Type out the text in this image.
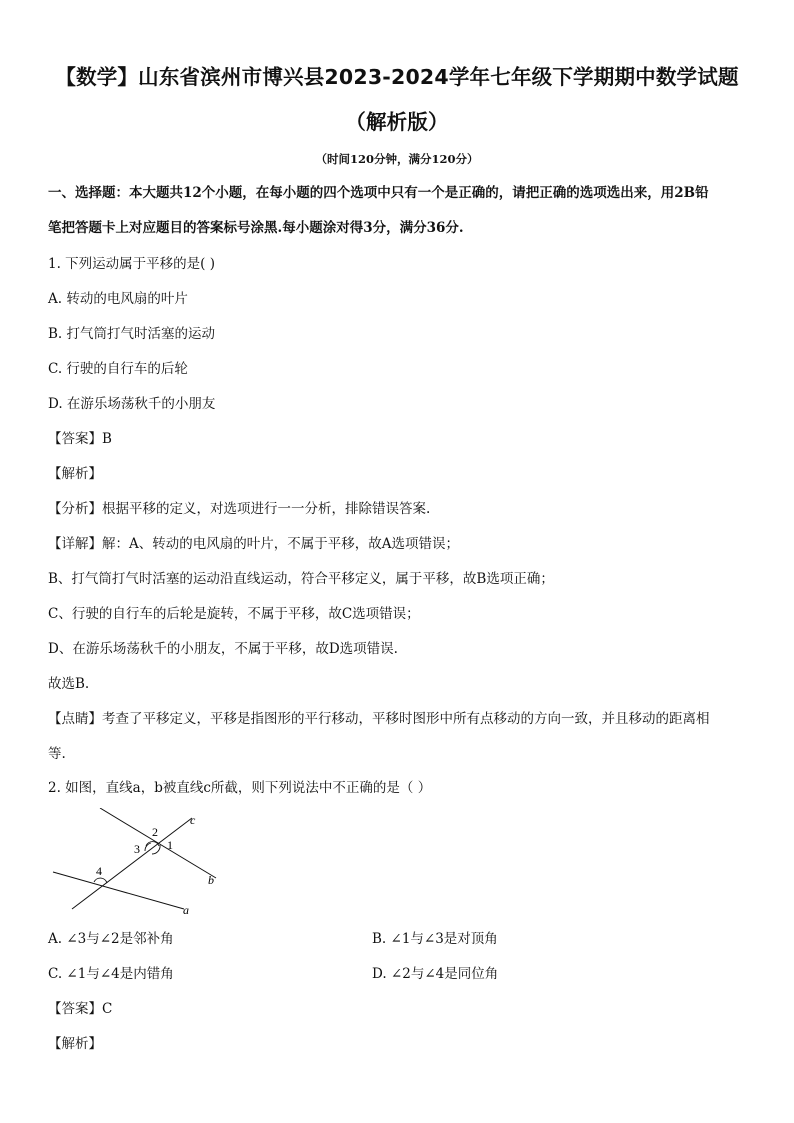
【数学】山东省滨州市博兴县2023-2024学年七年级下学期期中数学试题
（解析版）
（时间120分钟，满分120分）
一、选择题：本大题共12个小题，在每小题的四个选项中只有一个是正确的，请把正确的选项选出来，用2B铅
笔把答题卡上对应题目的答案标号涂黑.每小题涂对得3分，满分36分.
1. 下列运动属于平移的是( )
A. 转动的电风扇的叶片
B. 打气筒打气时活塞的运动
C. 行驶的自行车的后轮
D. 在游乐场荡秋千的小朋友
【答案】B
【解析】
【分析】根据平移的定义，对选项进行一一分析，排除错误答案.
【详解】解：A、转动的电风扇的叶片，不属于平移，故A选项错误；
B、打气筒打气时活塞的运动沿直线运动，符合平移定义，属于平移，故B选项正确；
C、行驶的自行车的后轮是旋转，不属于平移，故C选项错误；
D、在游乐场荡秋千的小朋友，不属于平移，故D选项错误.
故选B.
【点睛】考查了平移定义，平移是指图形的平行移动，平移时图形中所有点移动的方向一致，并且移动的距离相
等.
2. 如图，直线a，b被直线c所截，则下列说法中不正确的是（ ）
c
b
a
2
1
3
4
A. ∠3与∠2是邻补角	B. ∠1与∠3是对顶角
C. ∠1与∠4是内错角	D. ∠2与∠4是同位角
【答案】C
【解析】
